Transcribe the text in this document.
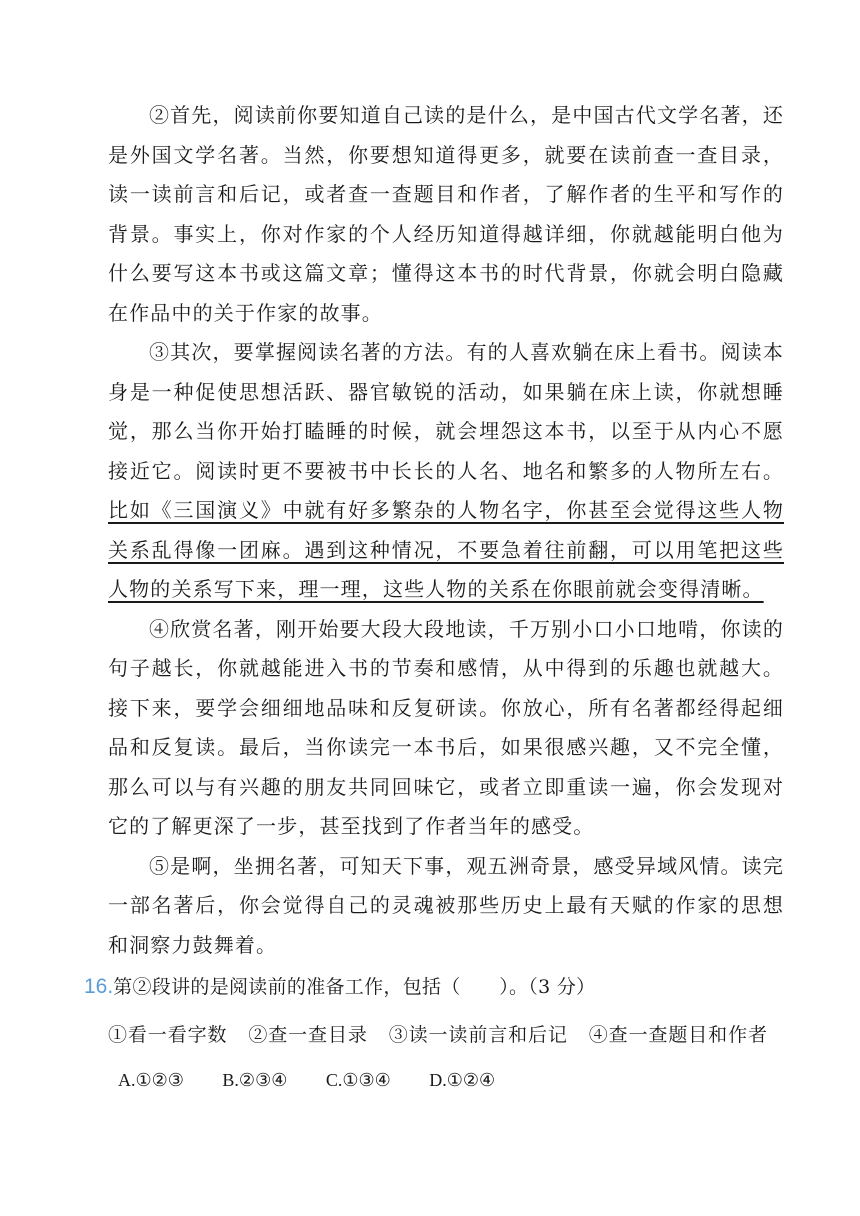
②首先，阅读前你要知道自己读的是什么，是中国古代文学名著，还是外国文学名著。当然，你要想知道得更多，就要在读前查一查目录，读一读前言和后记，或者查一查题目和作者，了解作者的生平和写作的背景。事实上，你对作家的个人经历知道得越详细，你就越能明白他为什么要写这本书或这篇文章；懂得这本书的时代背景，你就会明白隐藏在作品中的关于作家的故事。

③其次，要掌握阅读名著的方法。有的人喜欢躺在床上看书。阅读本身是一种促使思想活跃、器官敏锐的活动，如果躺在床上读，你就想睡觉，那么当你开始打瞌睡的时候，就会埋怨这本书，以至于从内心不愿接近它。阅读时更不要被书中长长的人名、地名和繁多的人物所左右。比如《三国演义》中就有好多繁杂的人物名字，你甚至会觉得这些人物关系乱得像一团麻。遇到这种情况，不要急着往前翻，可以用笔把这些人物的关系写下来，理一理，这些人物的关系在你眼前就会变得清晰。

④欣赏名著，刚开始要大段大段地读，千万别小口小口地啃，你读的句子越长，你就越能进入书的节奏和感情，从中得到的乐趣也就越大。接下来，要学会细细地品味和反复研读。你放心，所有名著都经得起细品和反复读。最后，当你读完一本书后，如果很感兴趣，又不完全懂，那么可以与有兴趣的朋友共同回味它，或者立即重读一遍，你会发现对它的了解更深了一步，甚至找到了作者当年的感受。

⑤是啊，坐拥名著，可知天下事，观五洲奇景，感受异域风情。读完一部名著后，你会觉得自己的灵魂被那些历史上最有天赋的作家的思想和洞察力鼓舞着。

16.第②段讲的是阅读前的准备工作，包括（　　）。（3 分）
①看一看字数 ②查一查目录 ③读一读前言和后记 ④查一查题目和作者
A.①②③ B.②③④ C.①③④ D.①②④
